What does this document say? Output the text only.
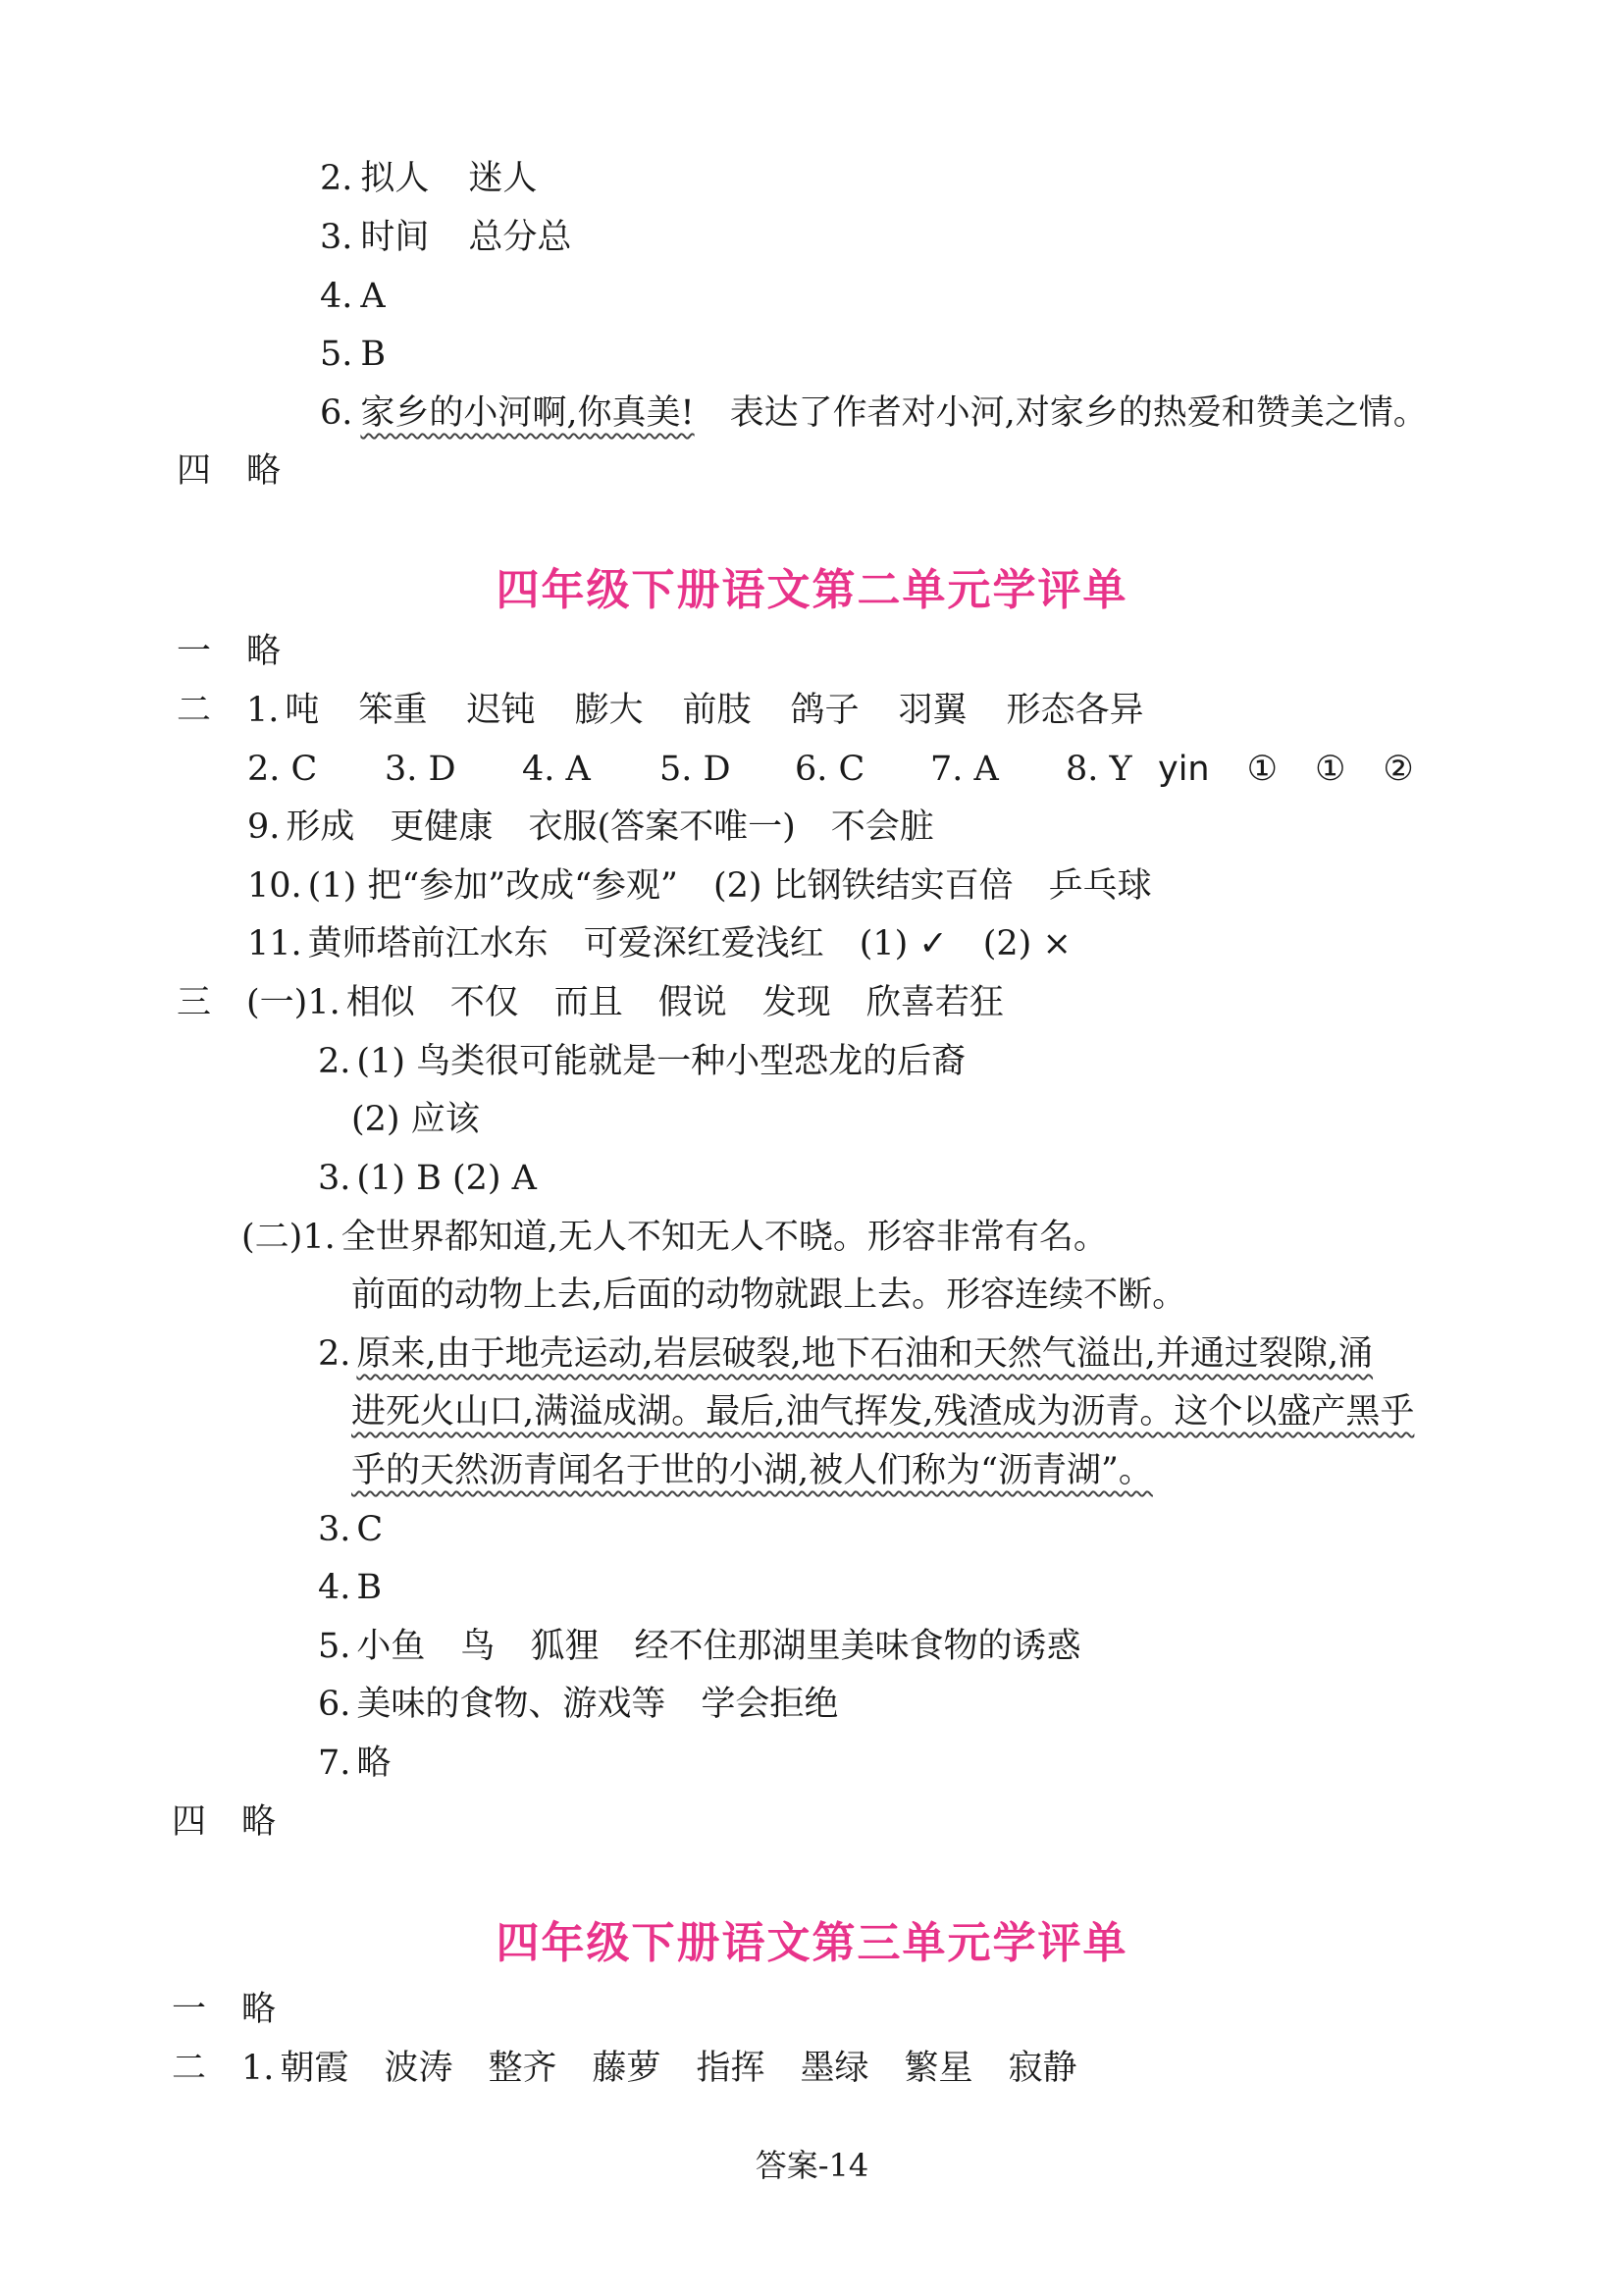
2. 拟人 迷人
3. 时间 总分总
4. A
5. B
6. 家乡的小河啊,你真美! 表达了作者对小河,对家乡的热爱和赞美之情。
四 略
四年级下册语文第二单元学评单
一 略
二 1. 吨 笨重 迟钝 膨大 前肢 鸽子 羽翼 形态各异
2. C 3. D 4. A 5. D 6. C 7. A 8. Y yin ① ① ②
9. 形成 更健康 衣服(答案不唯一) 不会脏
10. (1) 把“参加”改成“参观” (2) 比钢铁结实百倍 乒乓球
11. 黄师塔前江水东 可爱深红爱浅红 (1) ✓ (2) ×
三 (一)1. 相似 不仅 而且 假说 发现 欣喜若狂
2. (1) 鸟类很可能就是一种小型恐龙的后裔
(2) 应该
3. (1) B (2) A
(二)1. 全世界都知道,无人不知无人不晓。形容非常有名。
前面的动物上去,后面的动物就跟上去。形容连续不断。
2. 原来,由于地壳运动,岩层破裂,地下石油和天然气溢出,并通过裂隙,涌
进死火山口,满溢成湖。最后,油气挥发,残渣成为沥青。这个以盛产黑乎
乎的天然沥青闻名于世的小湖,被人们称为“沥青湖”。
3. C
4. B
5. 小鱼 鸟 狐狸 经不住那湖里美味食物的诱惑
6. 美味的食物、游戏等 学会拒绝
7. 略
四 略
四年级下册语文第三单元学评单
一 略
二 1. 朝霞 波涛 整齐 藤萝 指挥 墨绿 繁星 寂静
答案-14
